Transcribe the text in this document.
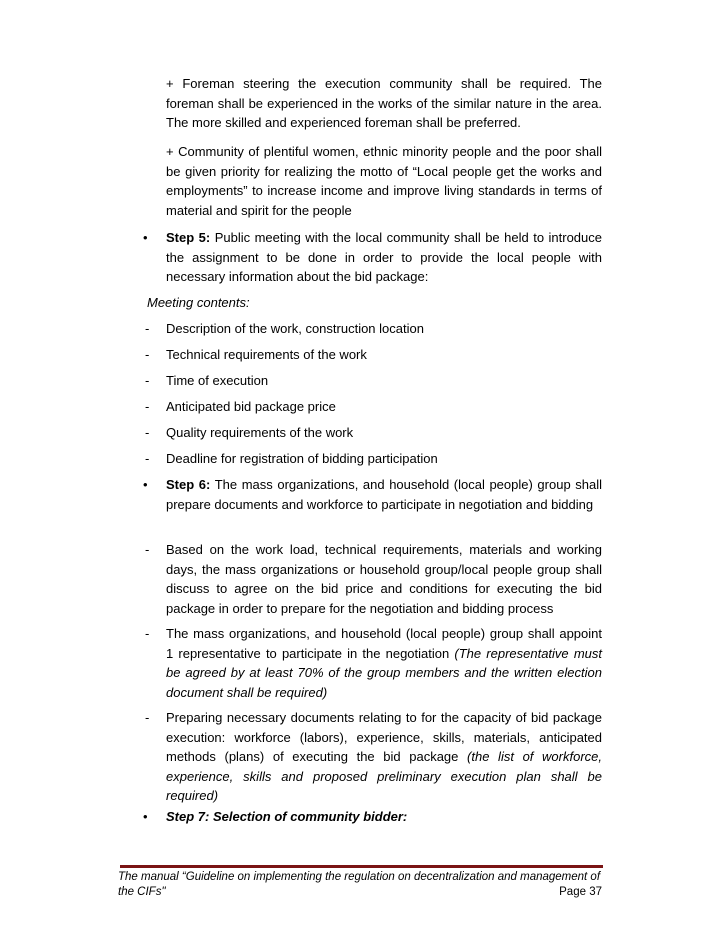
+ Foreman steering the execution community shall be required. The foreman shall be experienced in the works of the similar nature in the area. The more skilled and experienced foreman shall be preferred.
+ Community of plentiful women, ethnic minority people and the poor shall be given priority for realizing the motto of “Local people get the works and employments” to increase income and improve living standards in terms of material and spirit for the people
• Step 5: Public meeting with the local community shall be held to introduce the assignment to be done in order to provide the local people with necessary information about the bid package:
Meeting contents:
- Description of the work, construction location
- Technical requirements of the work
- Time of execution
- Anticipated bid package price
- Quality requirements of the work
- Deadline for registration of bidding participation
• Step 6: The mass organizations, and household (local people) group shall prepare documents and workforce to participate in negotiation and bidding
- Based on the work load, technical requirements, materials and working days, the mass organizations or household group/local people group shall discuss to agree on the bid price and conditions for executing the bid package in order to prepare for the negotiation and bidding process
- The mass organizations, and household (local people) group shall appoint 1 representative to participate in the negotiation (The representative must be agreed by at least 70% of the group members and the written election document shall be required)
- Preparing necessary documents relating to for the capacity of bid package execution: workforce (labors), experience, skills, materials, anticipated methods (plans) of executing the bid package (the list of workforce, experience, skills and proposed preliminary execution plan shall be required)
• Step 7: Selection of community bidder:
The manual “Guideline on implementing the regulation on decentralization and management of the CIFs"	Page 37
